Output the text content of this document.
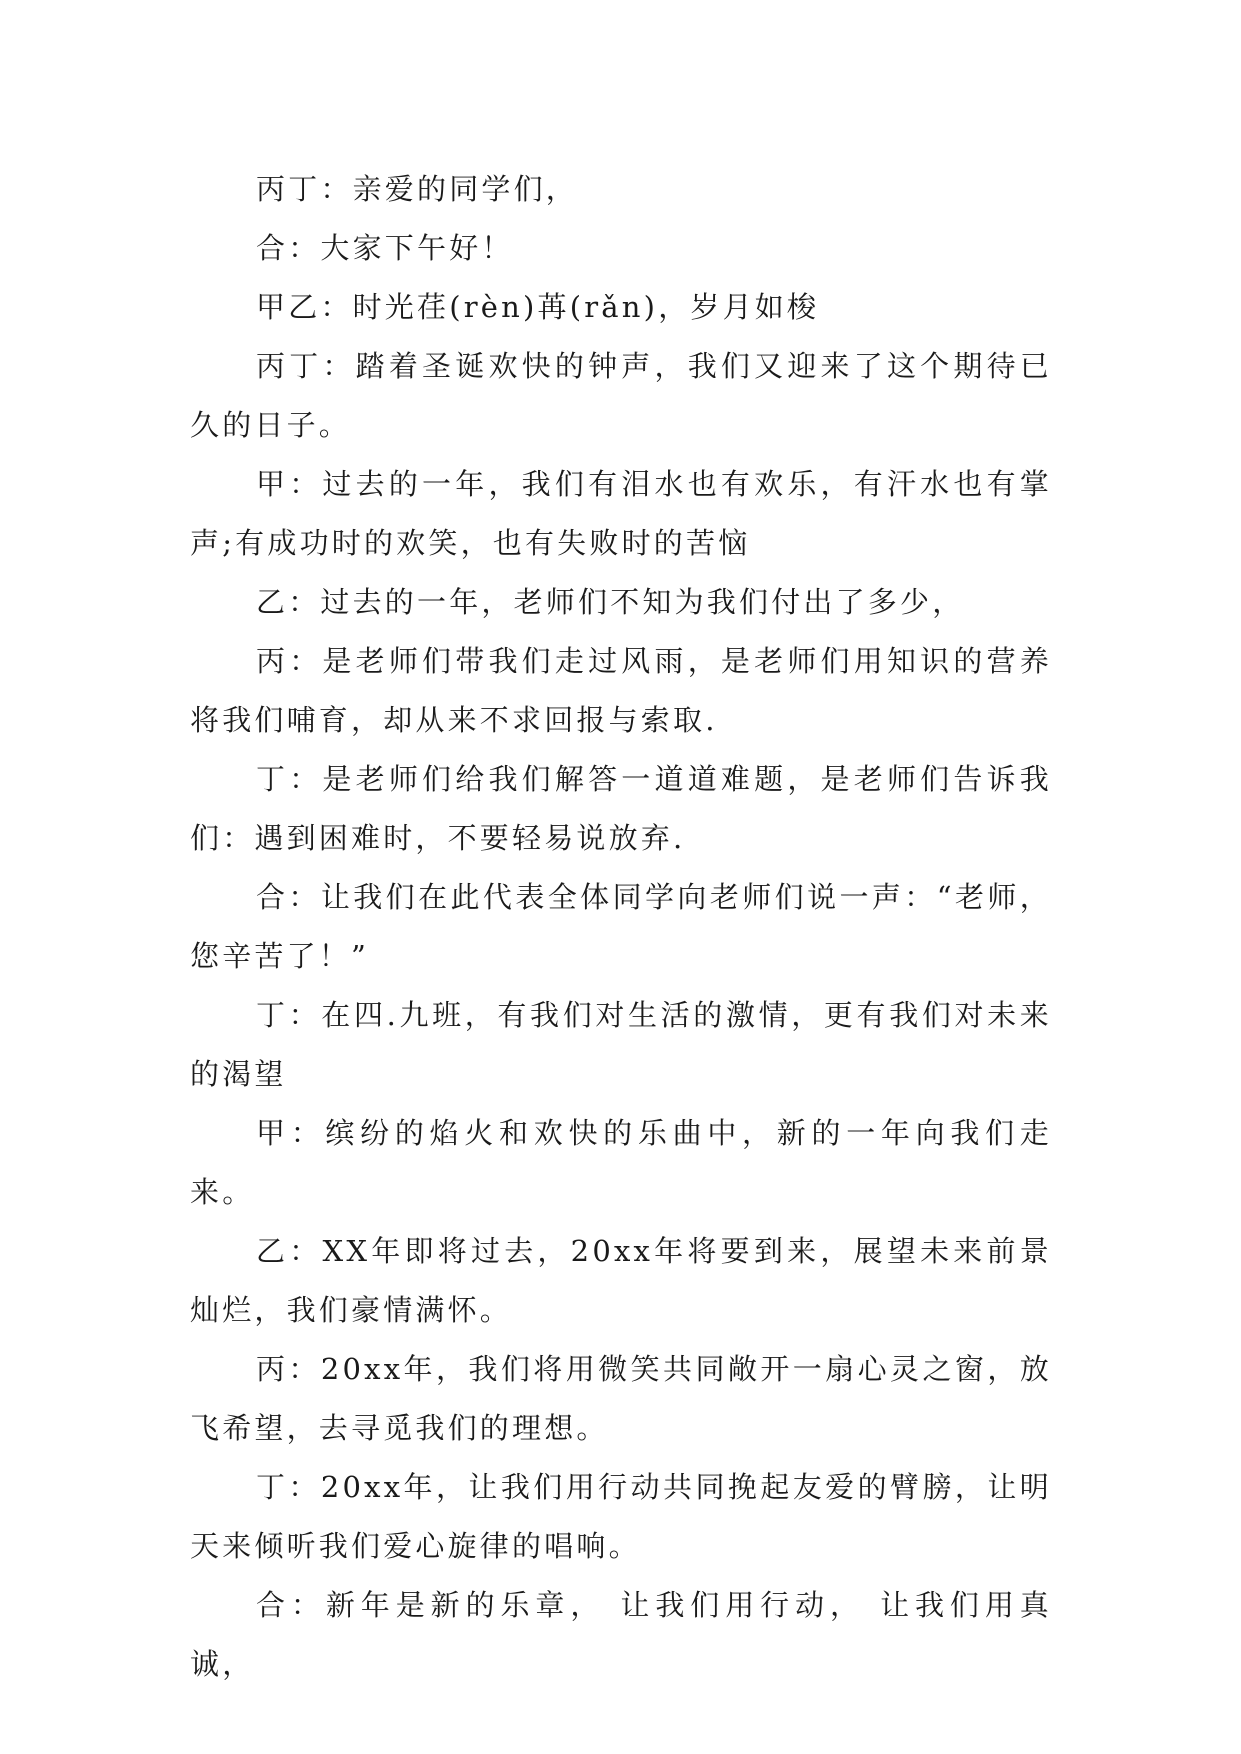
丙丁：亲爱的同学们，

合：大家下午好！

甲乙：时光荏(rèn)苒(rǎn)，岁月如梭

丙丁：踏着圣诞欢快的钟声，我们又迎来了这个期待已久的日子。

甲：过去的一年，我们有泪水也有欢乐，有汗水也有掌声;有成功时的欢笑，也有失败时的苦恼

乙：过去的一年，老师们不知为我们付出了多少，

丙：是老师们带我们走过风雨，是老师们用知识的营养将我们哺育，却从来不求回报与索取.

丁：是老师们给我们解答一道道难题，是老师们告诉我们：遇到困难时，不要轻易说放弃.

合：让我们在此代表全体同学向老师们说一声：“老师，您辛苦了！”

丁：在四.九班，有我们对生活的激情，更有我们对未来的渴望

甲：缤纷的焰火和欢快的乐曲中，新的一年向我们走来。

乙：XX年即将过去，20xx年将要到来，展望未来前景灿烂，我们豪情满怀。

丙：20xx年，我们将用微笑共同敞开一扇心灵之窗，放飞希望，去寻觅我们的理想。

丁：20xx年，让我们用行动共同挽起友爱的臂膀，让明天来倾听我们爱心旋律的唱响。

合：新年是新的乐章， 让我们用行动， 让我们用真诚，
